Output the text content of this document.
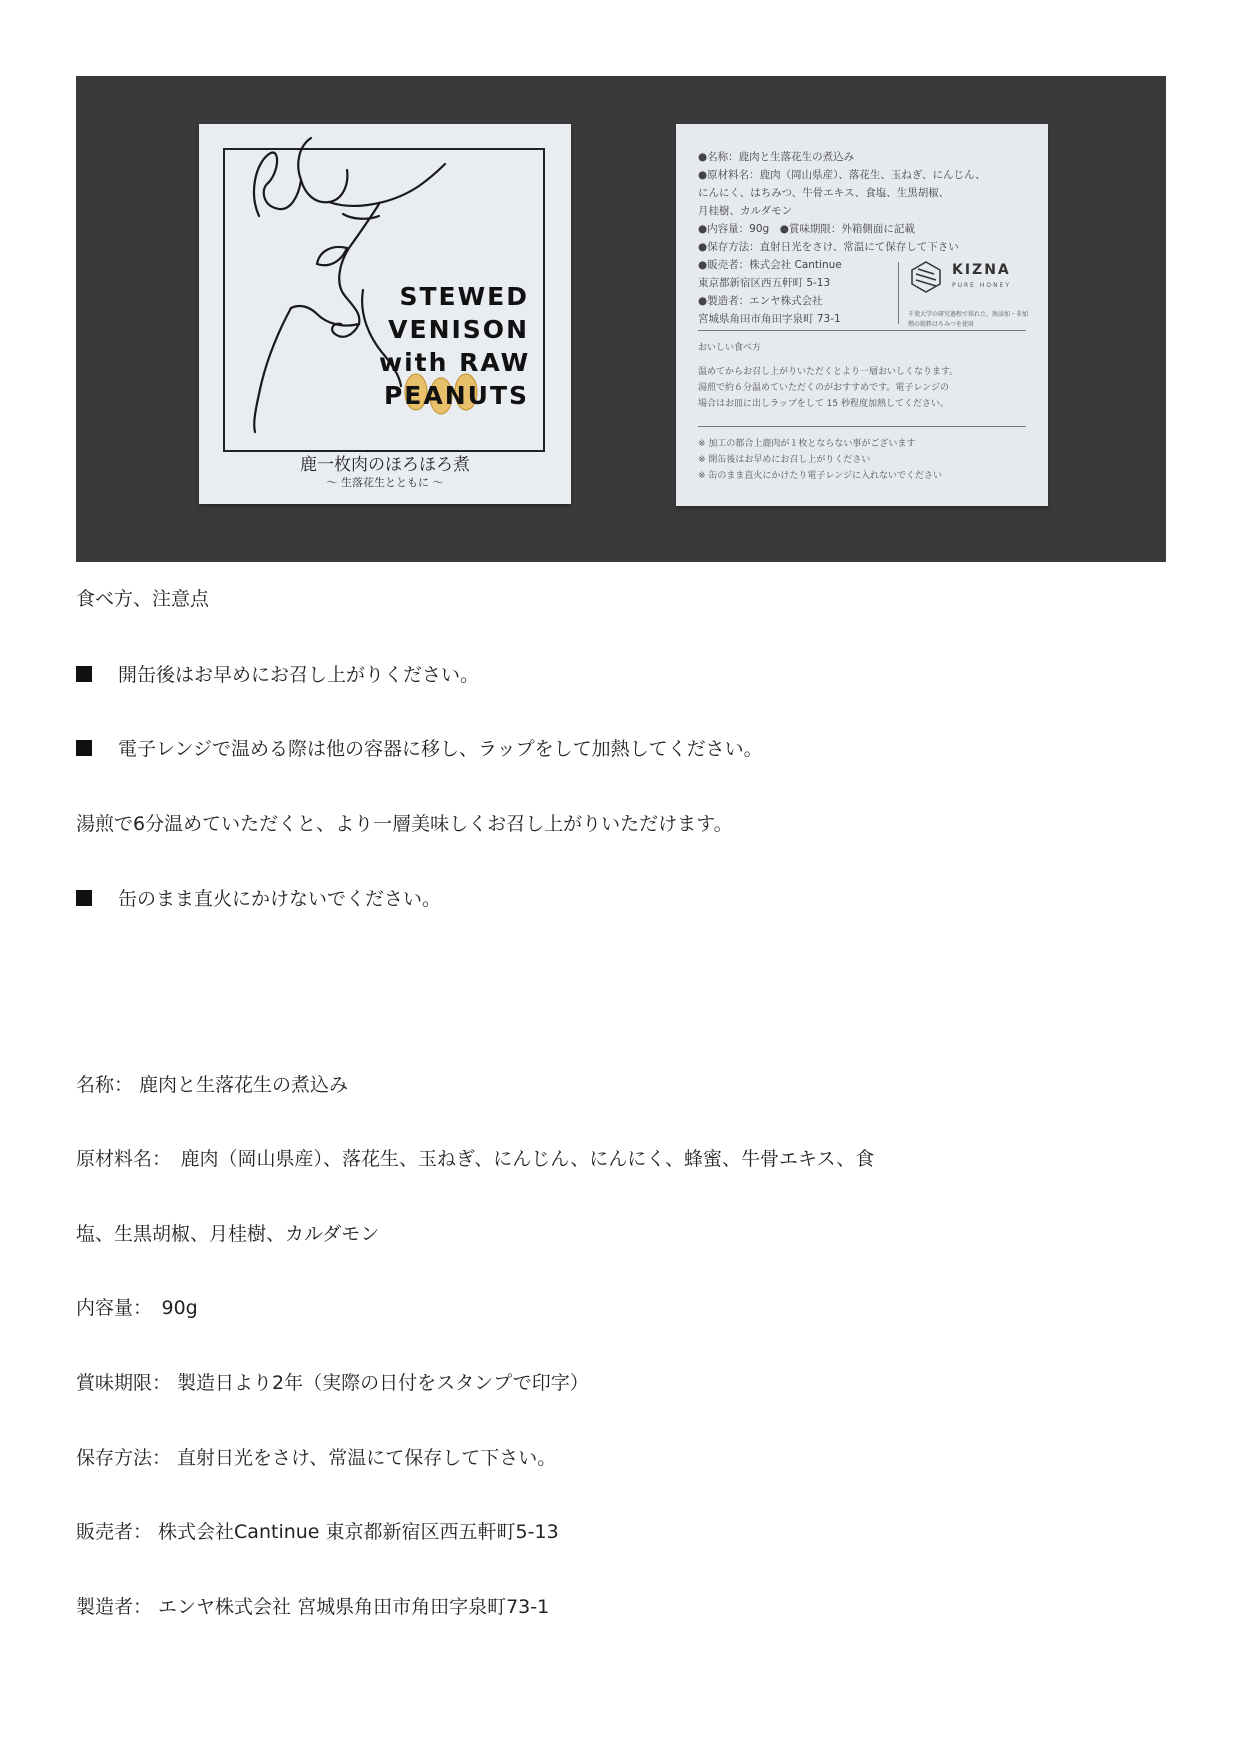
STEWED
VENISON
with RAW
PEANUTS
鹿一枚肉のほろほろ煮
～ 生落花生とともに ～
●名称：鹿肉と生落花生の煮込み
●原材料名：鹿肉（岡山県産）、落花生、玉ねぎ、にんじん、
にんにく、はちみつ、牛骨エキス、食塩、生黒胡椒、
月桂樹、カルダモン
●内容量：90g　●賞味期限：外箱側面に記載
●保存方法：直射日光をさけ、常温にて保存して下さい
●販売者：株式会社 Cantinue
東京都新宿区西五軒町 5-13
●製造者：エンヤ株式会社
宮城県角田市角田字泉町 73-1
KIZNA
PURE HONEY
千葉大学の研究過程で採れた、無添加・非加熱の純粋はちみつを使用
おいしい食べ方
温めてからお召し上がりいただくとより一層おいしくなります。
湯煎で約６分温めていただくのがおすすめです。電子レンジの
場合はお皿に出しラップをして 15 秒程度加熱してください。
※ 加工の都合上鹿肉が１枚とならない事がございます
※ 開缶後はお早めにお召し上がりください
※ 缶のまま直火にかけたり電子レンジに入れないでください
食べ方、注意点
開缶後はお早めにお召し上がりください。
電子レンジで温める際は他の容器に移し、ラップをして加熱してください。
湯煎で6分温めていただくと、より一層美味しくお召し上がりいただけます。
缶のまま直火にかけないでください。
名称： 鹿肉と生落花生の煮込み
原材料名：　鹿肉（岡山県産）、落花生、玉ねぎ、にんじん、にんにく、蜂蜜、牛骨エキス、食
塩、生黒胡椒、月桂樹、カルダモン
内容量：　90g
賞味期限： 製造日より2年（実際の日付をスタンプで印字）
保存方法： 直射日光をさけ、常温にて保存して下さい。
販売者： 株式会社Cantinue 東京都新宿区西五軒町5-13
製造者： エンヤ株式会社 宮城県角田市角田字泉町73-1
